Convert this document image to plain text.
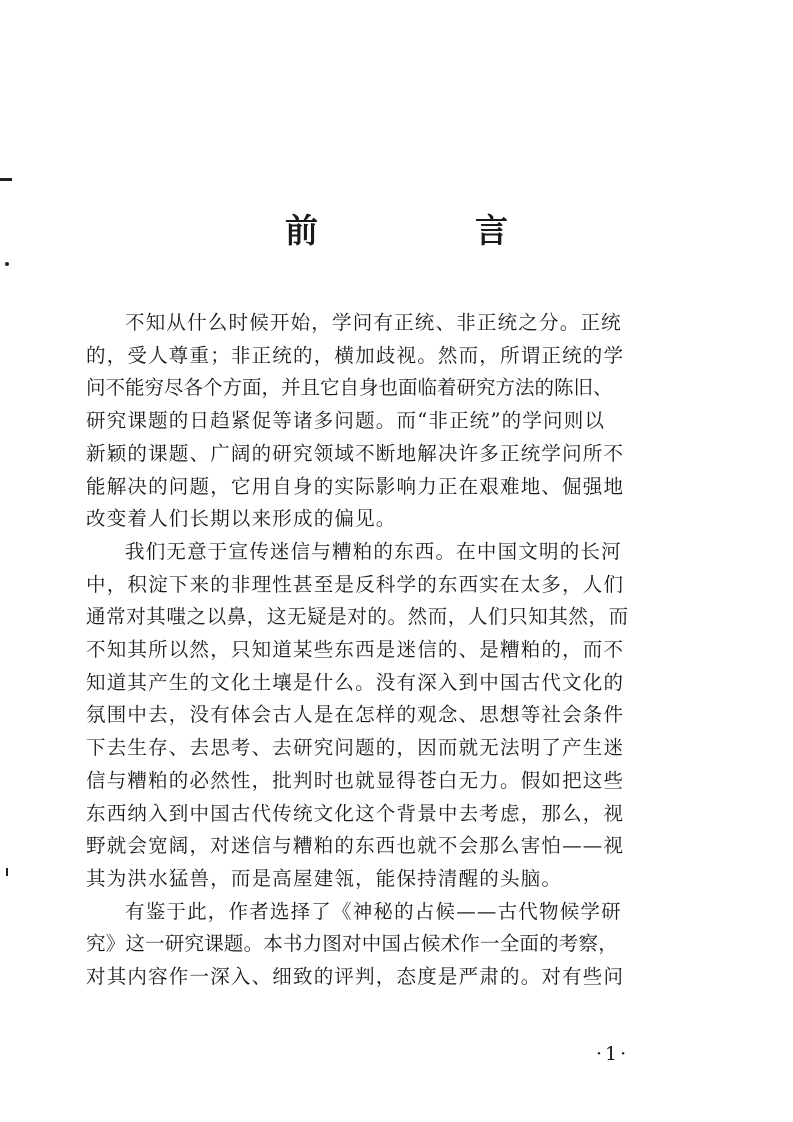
前　言

不知从什么时候开始，学问有正统、非正统之分。正统
的，受人尊重；非正统的，横加歧视。然而，所谓正统的学
问不能穷尽各个方面，并且它自身也面临着研究方法的陈旧、
研究课题的日趋紧促等诸多问题。而“非正统”的学问则以
新颖的课题、广阔的研究领域不断地解决许多正统学问所不
能解决的问题，它用自身的实际影响力正在艰难地、倔强地
改变着人们长期以来形成的偏见。

我们无意于宣传迷信与糟粕的东西。在中国文明的长河
中，积淀下来的非理性甚至是反科学的东西实在太多，人们
通常对其嗤之以鼻，这无疑是对的。然而，人们只知其然，而
不知其所以然，只知道某些东西是迷信的、是糟粕的，而不
知道其产生的文化土壤是什么。没有深入到中国古代文化的
氛围中去，没有体会古人是在怎样的观念、思想等社会条件
下去生存、去思考、去研究问题的，因而就无法明了产生迷
信与糟粕的必然性，批判时也就显得苍白无力。假如把这些
东西纳入到中国古代传统文化这个背景中去考虑，那么，视
野就会宽阔，对迷信与糟粕的东西也就不会那么害怕——视
其为洪水猛兽，而是高屋建瓴，能保持清醒的头脑。

有鉴于此，作者选择了《神秘的占候——古代物候学研
究》这一研究课题。本书力图对中国占候术作一全面的考察，
对其内容作一深入、细致的评判，态度是严肃的。对有些问

·1·
